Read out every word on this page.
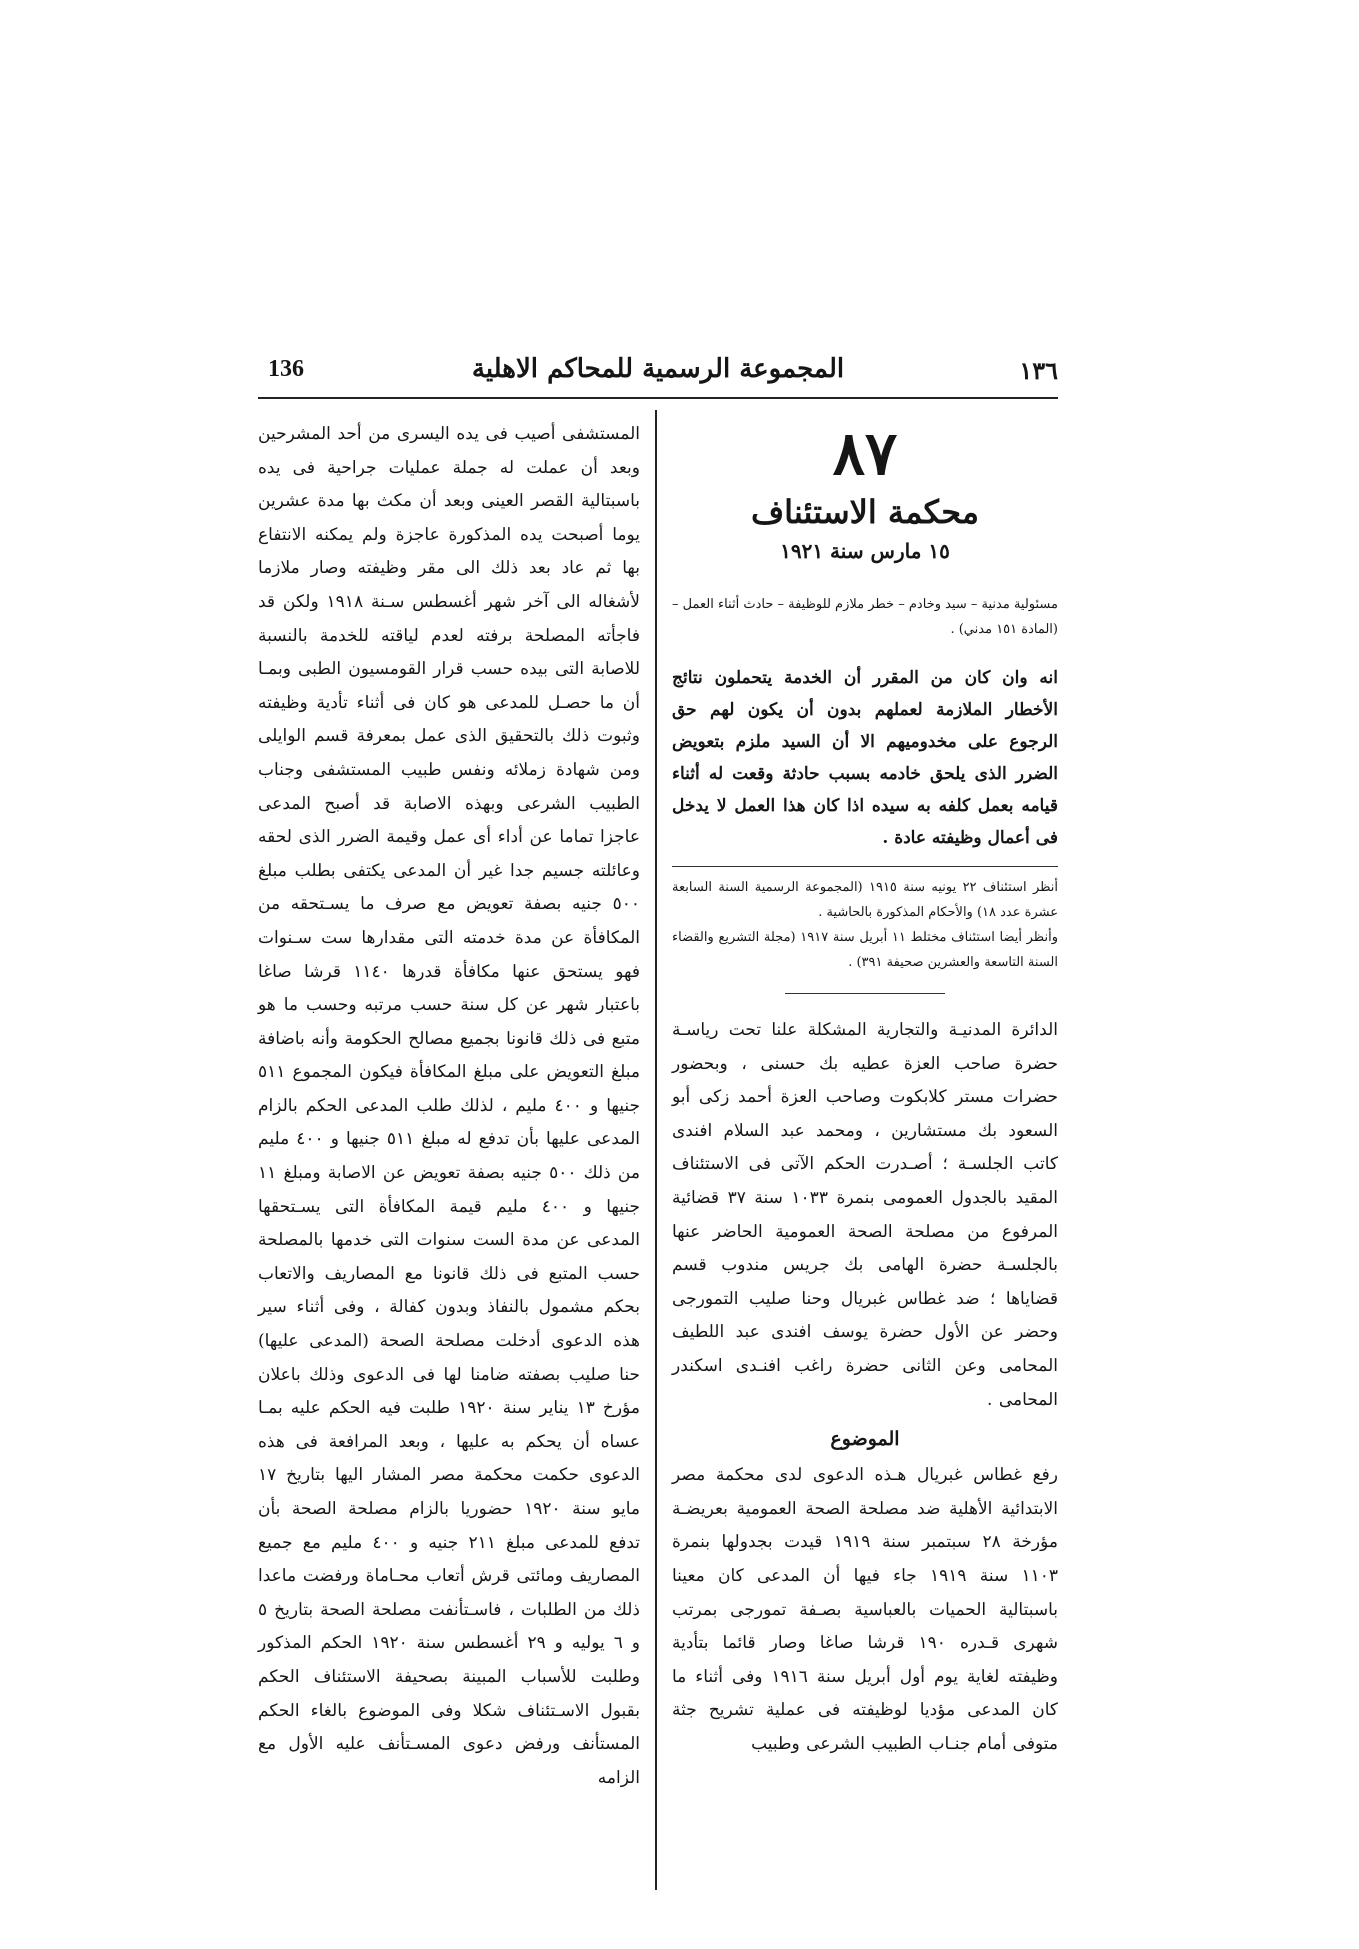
136	المجموعة الرسمية للمحاكم الاهلية	١٣٦
٨٧
محكمة الاستئناف
١٥ مارس سنة ١٩٢١

مسئولية مدنية – سيد وخادم – خطر ملازم للوظيفة – حادث أثناء العمل – (المادة ١٥١ مدني) .

انه وان كان من المقرر أن الخدمة يتحملون نتائج الأخطار الملازمة لعملهم بدون أن يكون لهم حق الرجوع على مخدوميهم الا أن السيد ملزم بتعويض الضرر الذى يلحق خادمه بسبب حادثة وقعت له أثناء قيامه بعمل كلفه به سيده اذا كان هذا العمل لا يدخل فى أعمال وظيفته عادة .

أنظر استئناف ٢٢ يونيه سنة ١٩١٥ (المجموعة الرسمية السنة السابعة عشرة عدد ١٨) والأحكام المذكورة بالحاشية .
وأنظر أيضا استئناف مختلط ١١ أبريل سنة ١٩١٧ (مجلة التشريع والقضاء السنة التاسعة والعشرين صحيفة ٣٩١) .

الدائرة المدنيـة والتجارية المشكلة علنا تحت رياسـة حضرة صاحب العزة عطيه بك حسنى ، وبحضور حضرات مستر كلابكوت وصاحب العزة أحمد زكى أبو السعود بك مستشارين ، ومحمد عبد السلام افندى كاتب الجلسـة ؛ أصـدرت الحكم الآتى فى الاستئناف المقيد بالجدول العمومى بنمرة ١٠٣٣ سنة ٣٧ قضائية المرفوع من مصلحة الصحة العمومية الحاضر عنها بالجلسـة حضرة الهامى بك جريس مندوب قسم قضاياها ؛ ضد غطاس غبريال وحنا صليب التمورجى وحضر عن الأول حضرة يوسف افندى عبد اللطيف المحامى وعن الثانى حضرة راغب افنـدى اسكندر المحامى .

الموضوع

رفع غطاس غبريال هـذه الدعوى لدى محكمة مصر الابتدائية الأهلية ضد مصلحة الصحة العمومية بعريضـة مؤرخة ٢٨ سبتمبر سنة ١٩١٩ قيدت بجدولها بنمرة ١١٠٣ سنة ١٩١٩ جاء فيها أن المدعى كان معينا باسبتالية الحميات بالعباسية بصـفة تمورجى بمرتب شهرى قـدره ١٩٠ قرشا صاغا وصار قائما بتأدية وظيفته لغاية يوم أول أبريل سنة ١٩١٦ وفى أثناء ما كان المدعى مؤديا لوظيفته فى عملية تشريح جثة متوفى أمام جنـاب الطبيب الشرعى وطبيب

المستشفى أصيب فى يده اليسرى من أحد المشرحين وبعد أن عملت له جملة عمليات جراحية فى يده باسبتالية القصر العينى وبعد أن مكث بها مدة عشرين يوما أصبحت يده المذكورة عاجزة ولم يمكنه الانتفاع بها ثم عاد بعد ذلك الى مقر وظيفته وصار ملازما لأشغاله الى آخر شهر أغسطس سـنة ١٩١٨ ولكن قد فاجأته المصلحة برفته لعدم لياقته للخدمة بالنسبة للاصابة التى بيده حسب قرار القومسيون الطبى وبمـا أن ما حصـل للمدعى هو كان فى أثناء تأدية وظيفته وثبوت ذلك بالتحقيق الذى عمل بمعرفة قسم الوايلى ومن شهادة زملائه ونفس طبيب المستشفى وجناب الطبيب الشرعى وبهذه الاصابة قد أصبح المدعى عاجزا تماما عن أداء أى عمل وقيمة الضرر الذى لحقه وعائلته جسيم جدا غير أن المدعى يكتفى بطلب مبلغ ٥٠٠ جنيه بصفة تعويض مع صرف ما يسـتحقه من المكافأة عن مدة خدمته التى مقدارها ست سـنوات فهو يستحق عنها مكافأة قدرها ١١٤٠ قرشا صاغا باعتبار شهر عن كل سنة حسب مرتبه وحسب ما هو متبع فى ذلك قانونا بجميع مصالح الحكومة وأنه باضافة مبلغ التعويض على مبلغ المكافأة فيكون المجموع ٥١١ جنيها و ٤٠٠ مليم ، لذلك طلب المدعى الحكم بالزام المدعى عليها بأن تدفع له مبلغ ٥١١ جنيها و ٤٠٠ مليم من ذلك ٥٠٠ جنيه بصفة تعويض عن الاصابة ومبلغ ١١ جنيها و ٤٠٠ مليم قيمة المكافأة التى يسـتحقها المدعى عن مدة الست سنوات التى خدمها بالمصلحة حسب المتبع فى ذلك قانونا مع المصاريف والاتعاب بحكم مشمول بالنفاذ وبدون كفالة ، وفى أثناء سير هذه الدعوى أدخلت مصلحة الصحة (المدعى عليها) حنا صليب بصفته ضامنا لها فى الدعوى وذلك باعلان مؤرخ ١٣ يناير سنة ١٩٢٠ طلبت فيه الحكم عليه بمـا عساه أن يحكم به عليها ، وبعد المرافعة فى هذه الدعوى حكمت محكمة مصر المشار اليها بتاريخ ١٧ مايو سنة ١٩٢٠ حضوريا بالزام مصلحة الصحة بأن تدفع للمدعى مبلغ ٢١١ جنيه و ٤٠٠ مليم مع جميع المصاريف ومائتى قرش أتعاب محـاماة ورفضت ماعدا ذلك من الطلبات ، فاسـتأنفت مصلحة الصحة بتاريخ ٥ و ٦ يوليه و ٢٩ أغسطس سنة ١٩٢٠ الحكم المذكور وطلبت للأسباب المبينة بصحيفة الاستئناف الحكم بقبول الاسـتئناف شكلا وفى الموضوع بالغاء الحكم المستأنف ورفض دعوى المسـتأنف عليه الأول مع الزامه
